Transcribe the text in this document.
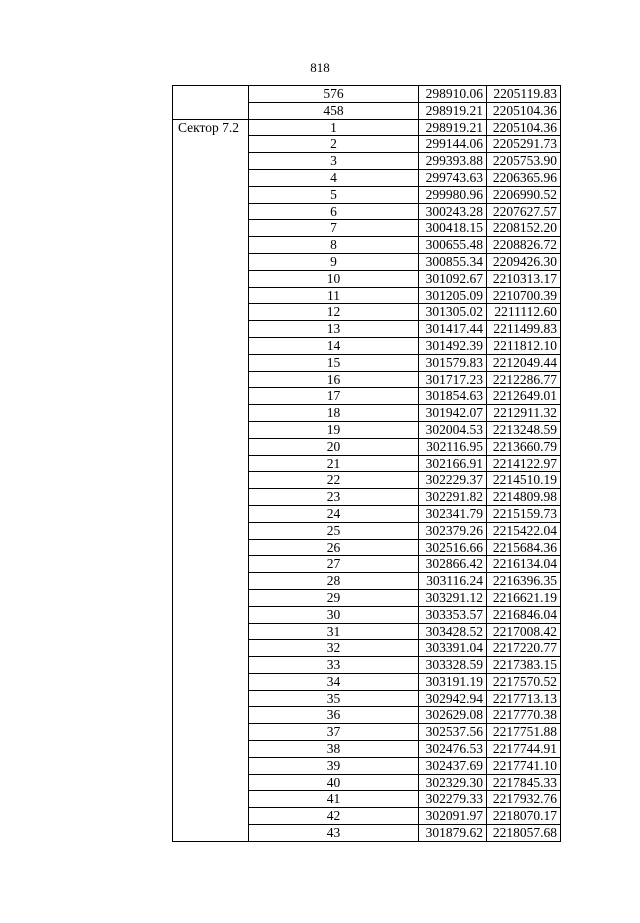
818
	576	298910.06	2205119.83
	458	298919.21	2205104.36
Сектор 7.2	1	298919.21	2205104.36
	2	299144.06	2205291.73
	3	299393.88	2205753.90
	4	299743.63	2206365.96
	5	299980.96	2206990.52
	6	300243.28	2207627.57
	7	300418.15	2208152.20
	8	300655.48	2208826.72
	9	300855.34	2209426.30
	10	301092.67	2210313.17
	11	301205.09	2210700.39
	12	301305.02	2211112.60
	13	301417.44	2211499.83
	14	301492.39	2211812.10
	15	301579.83	2212049.44
	16	301717.23	2212286.77
	17	301854.63	2212649.01
	18	301942.07	2212911.32
	19	302004.53	2213248.59
	20	302116.95	2213660.79
	21	302166.91	2214122.97
	22	302229.37	2214510.19
	23	302291.82	2214809.98
	24	302341.79	2215159.73
	25	302379.26	2215422.04
	26	302516.66	2215684.36
	27	302866.42	2216134.04
	28	303116.24	2216396.35
	29	303291.12	2216621.19
	30	303353.57	2216846.04
	31	303428.52	2217008.42
	32	303391.04	2217220.77
	33	303328.59	2217383.15
	34	303191.19	2217570.52
	35	302942.94	2217713.13
	36	302629.08	2217770.38
	37	302537.56	2217751.88
	38	302476.53	2217744.91
	39	302437.69	2217741.10
	40	302329.30	2217845.33
	41	302279.33	2217932.76
	42	302091.97	2218070.17
	43	301879.62	2218057.68
